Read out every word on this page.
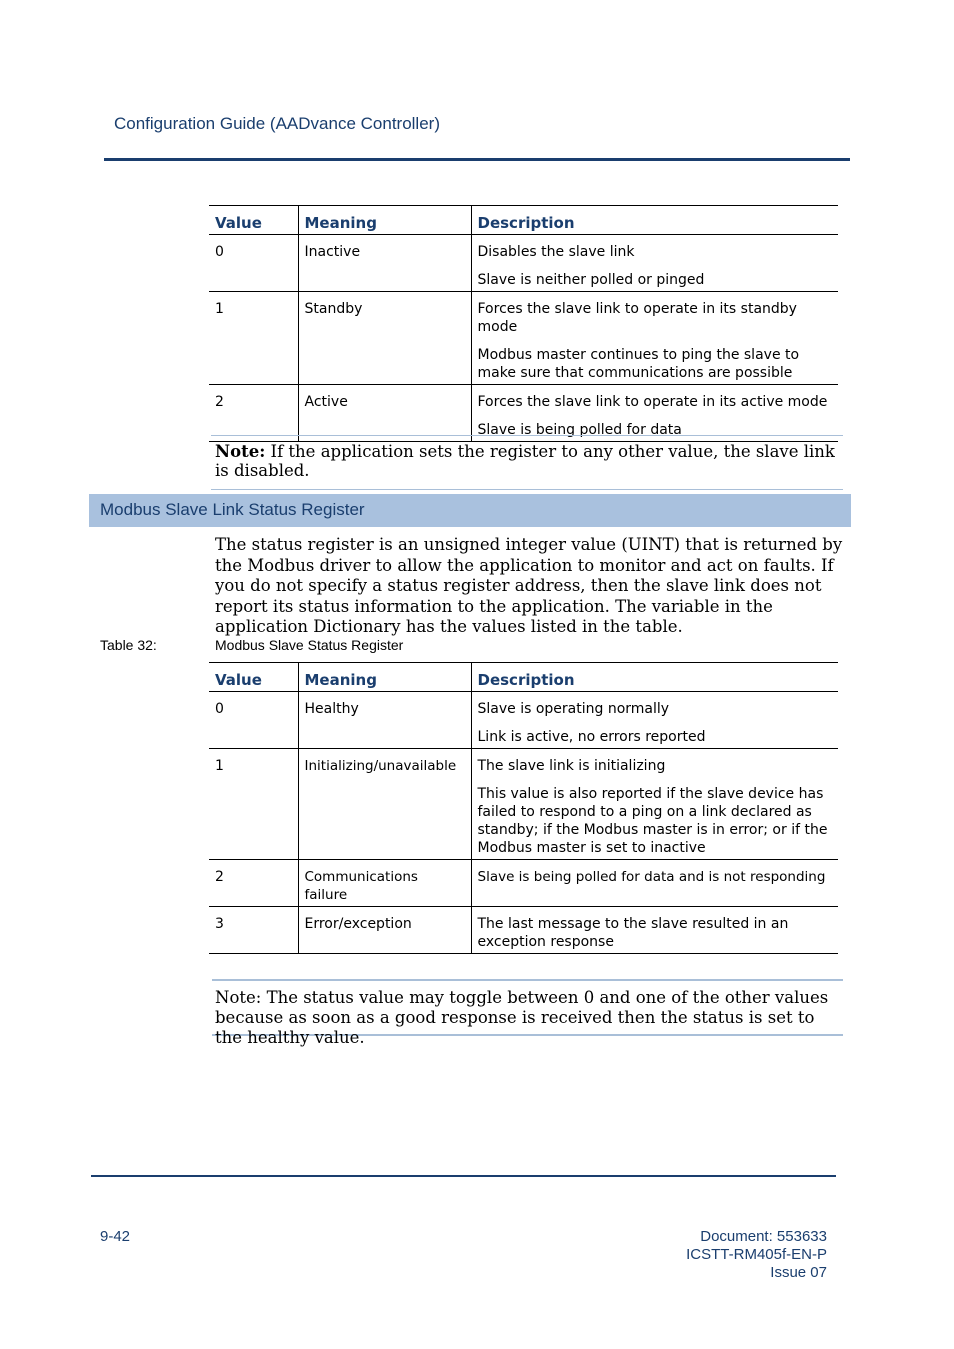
Configuration Guide (AADvance Controller)
Value	Meaning	Description
0	Inactive	Disables the slave link

Slave is neither polled or pinged

1	Standby	Forces the slave link to operate in its standby mode

Modbus master continues to ping the slave to make sure that communications are possible

2	Active	Forces the slave link to operate in its active mode

Slave is being polled for data

Note: If the application sets the register to any other value, the slave link is disabled.
Modbus Slave Link Status Register
The status register is an unsigned integer value (UINT) that is returned by the Modbus driver to allow the application to monitor and act on faults. If you do not specify a status register address, then the slave link does not report its status information to the application. The variable in the application Dictionary has the values listed in the table.
Table 32:	Modbus Slave Status Register
Value	Meaning	Description
0	Healthy	Slave is operating normally

Link is active, no errors reported

1	Initializing/unavailable	The slave link is initializing

This value is also reported if the slave device has failed to respond to a ping on a link declared as standby; if the Modbus master is in error; or if the Modbus master is set to inactive

2	Communications failure	Slave is being polled for data and is not responding

3	Error/exception	The last message to the slave resulted in an exception response

Note: The status value may toggle between 0 and one of the other values because as soon as a good response is received then the status is set to the healthy value.
9-42	Document: 553633
ICSTT-RM405f-EN-P
Issue 07
